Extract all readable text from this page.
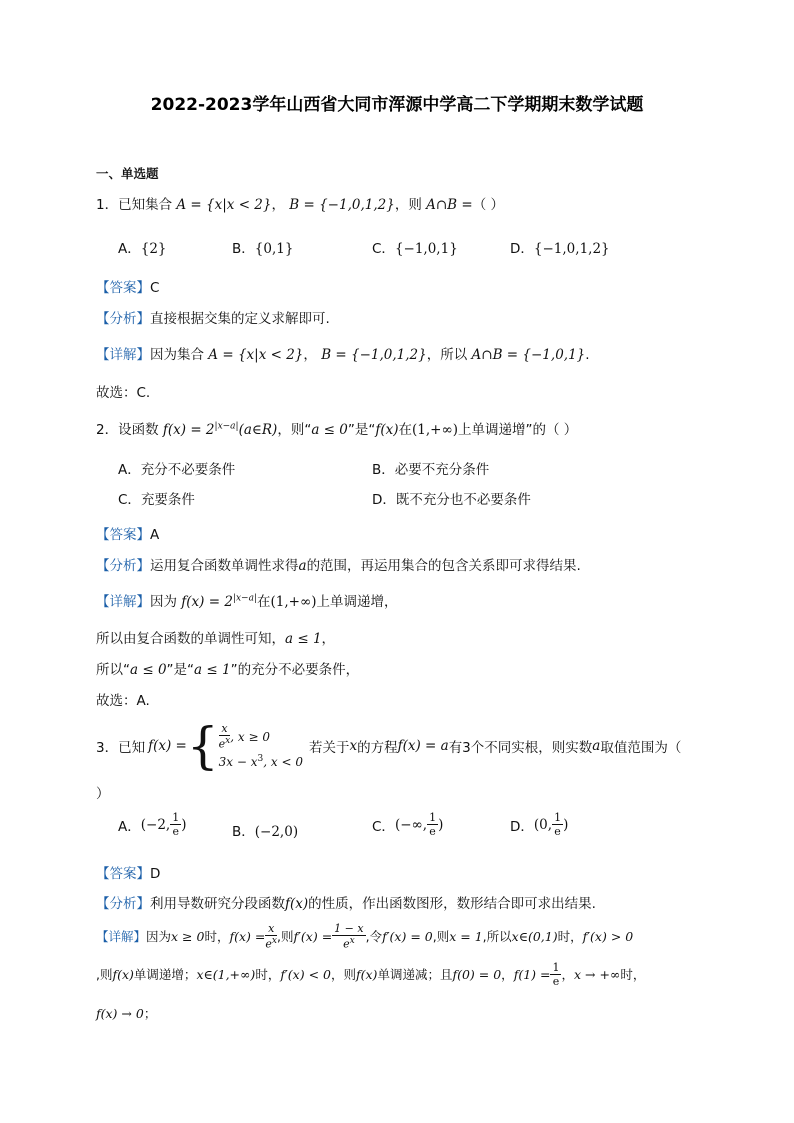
2022-2023学年山西省大同市浑源中学高二下学期期末数学试题
一、单选题
1．已知集合 A = {x|x < 2}， B = {−1,0,1,2}，则 A∩B =（ ）
A．{2}	B．{0,1}	C．{−1,0,1}	D．{−1,0,1,2}
【答案】C
【分析】直接根据交集的定义求解即可.
【详解】因为集合 A = {x|x < 2}， B = {−1,0,1,2}，所以 A∩B = {−1,0,1}.
故选：C.
2．设函数 $f(x) = 2^{|x-a|}(a\in R)$，则“a ≤ 0”是“f(x)在(1,+∞)上单调递增”的（ ）
A．充分不必要条件	B．必要不充分条件
C．充要条件	D．既不充分也不必要条件
【答案】A
【分析】运用复合函数单调性求得a的范围，再运用集合的包含关系即可求得结果.
【详解】因为 $f(x) = 2^{|x-a|}$在(1,+∞)上单调递增，
所以由复合函数的单调性可知，a ≤ 1，
所以“a ≤ 0”是“a ≤ 1”的充分不必要条件，
故选：A.
3． 已知 f(x) = { x
$e^x$ , x ≥ 0
$3x - x^3$, x < 0
若关于 x 的方程 f(x) = a 有3个不同实根，则实数 a 取值范围为（
）
A． (−2, 1
e )	B．(−2,0)	C． (−∞, 1
e )	D． (0, 1
e )
【答案】D
【分析】利用导数研究分段函数f(x)的性质，作出函数图形，数形结合即可求出结果.
【详解】 因为 x ≥ 0 时， $f(x) = \frac{x}{e^x}$ ,则 $f'(x) = \frac{1 - x}{e^x}$ ,令 f′(x) = 0 ,则 x = 1 ,所以 x∈(0,1) 时， f′(x) > 0
,则 f(x) 单调递增； x∈(1,+∞) 时， f′(x) < 0 ，则 f(x) 单调递减；且 f(0) = 0 ， $f(1) = \frac{1}{e}$ ， x → +∞ 时，
f(x) → 0；
